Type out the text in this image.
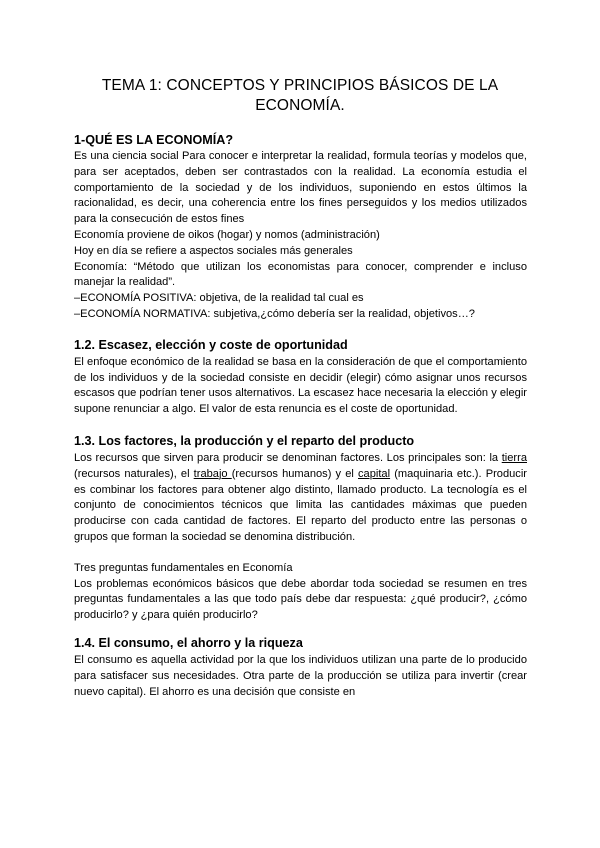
TEMA 1: CONCEPTOS Y PRINCIPIOS BÁSICOS DE LA
ECONOMÍA.
1-QUÉ ES LA ECONOMÍA?

Es una ciencia social Para conocer e interpretar la realidad, formula teorías y modelos que, para ser aceptados, deben ser contrastados con la realidad. La economía estudia el comportamiento de la sociedad y de los individuos, suponiendo en estos últimos la racionalidad, es decir, una coherencia entre los fines perseguidos y los medios utilizados para la consecución de estos fines

Economía proviene de oikos (hogar) y nomos (administración)

Hoy en día se refiere a aspectos sociales más generales

Economía: “Método que utilizan los economistas para conocer, comprender e incluso manejar la realidad”.

–ECONOMÍA POSITIVA: objetiva, de la realidad tal cual es

–ECONOMÍA NORMATIVA: subjetiva,¿cómo debería ser la realidad, objetivos…?

1.2. Escasez, elección y coste de oportunidad

El enfoque económico de la realidad se basa en la consideración de que el comportamiento de los individuos y de la sociedad consiste en decidir (elegir) cómo asignar unos recursos escasos que podrían tener usos alternativos. La escasez hace necesaria la elección y elegir supone renunciar a algo. El valor de esta renuncia es el coste de oportunidad.

1.3. Los factores, la producción y el reparto del producto

Los recursos que sirven para producir se denominan factores. Los principales son: la tierra (recursos naturales), el trabajo (recursos humanos) y el capital (maquinaria etc.). Producir es combinar los factores para obtener algo distinto, llamado producto. La tecnología es el conjunto de conocimientos técnicos que limita las cantidades máximas que pueden producirse con cada cantidad de factores. El reparto del producto entre las personas o grupos que forman la sociedad se denomina distribución.

Tres preguntas fundamentales en Economía

Los problemas económicos básicos que debe abordar toda sociedad se resumen en tres preguntas fundamentales a las que todo país debe dar respuesta: ¿qué producir?, ¿cómo producirlo? y ¿para quién producirlo?

1.4. El consumo, el ahorro y la riqueza

El consumo es aquella actividad por la que los individuos utilizan una parte de lo producido para satisfacer sus necesidades. Otra parte de la producción se utiliza para invertir (crear nuevo capital). El ahorro es una decisión que consiste en
